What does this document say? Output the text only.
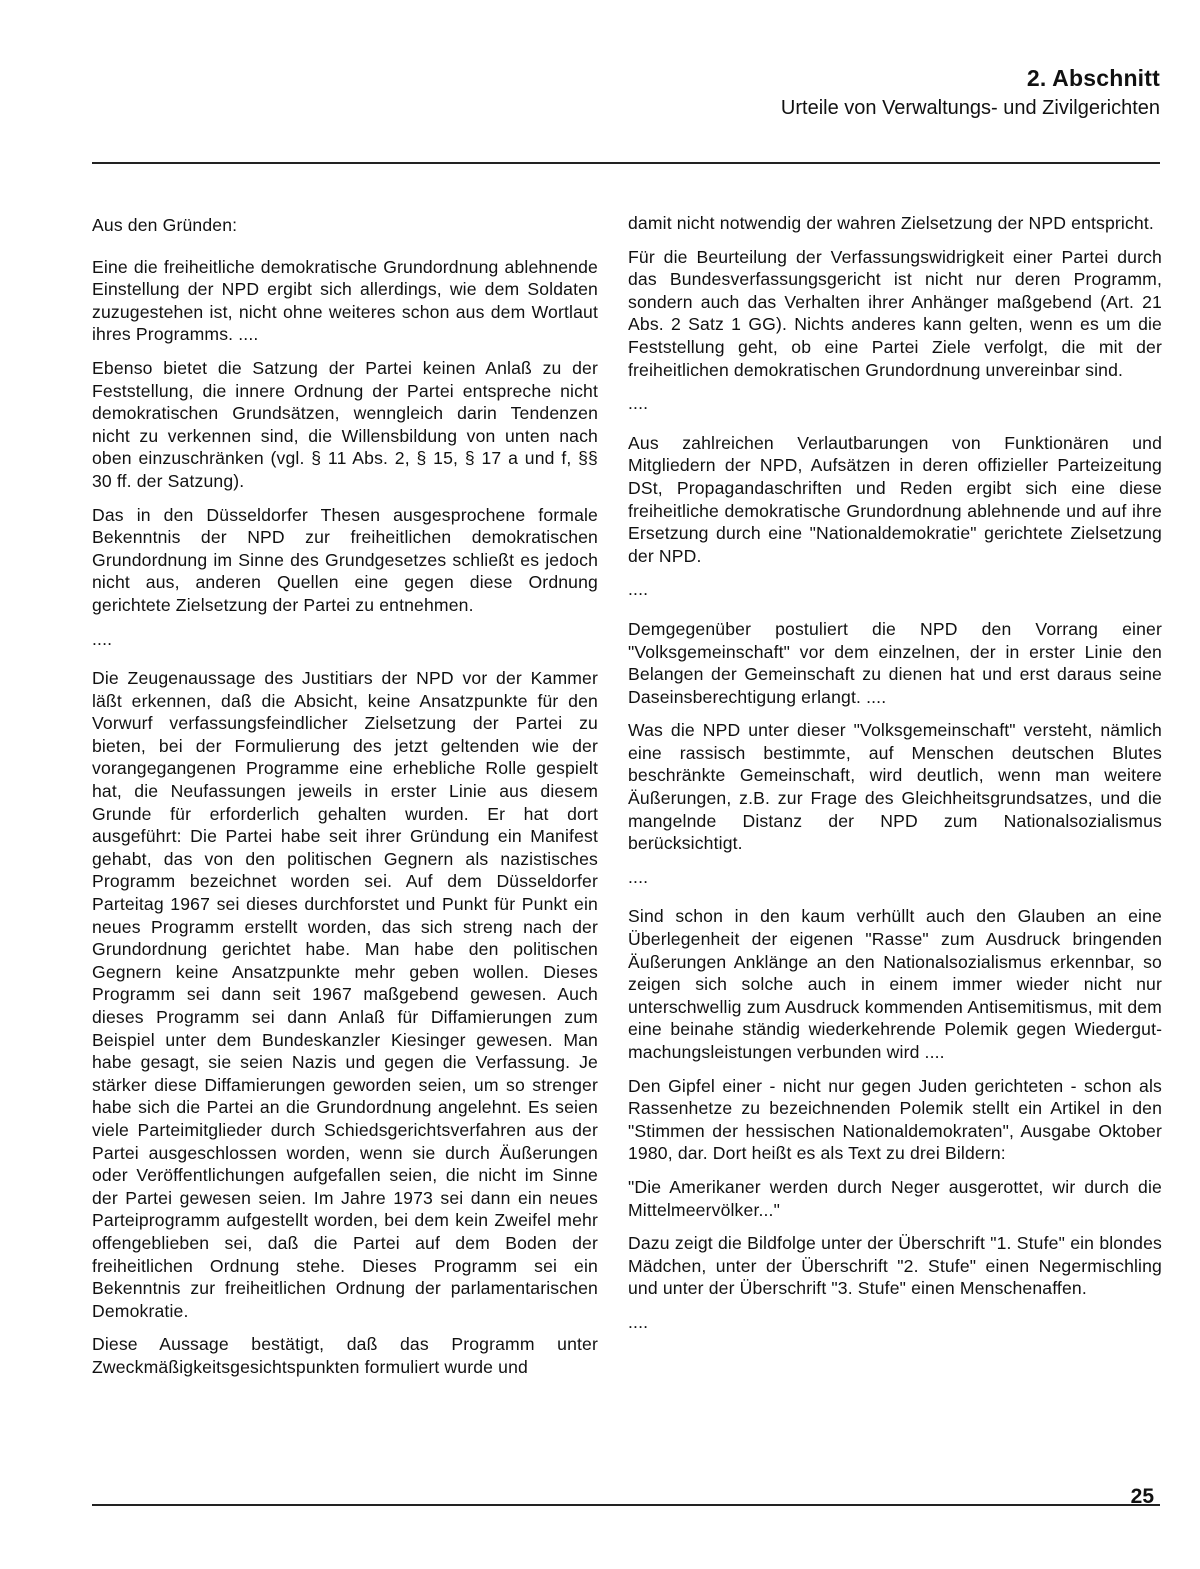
2. Abschnitt
Urteile von Verwaltungs- und Zivilgerichten

Aus den Gründen:

Eine die freiheitliche demokratische Grundordnung ablehnende Einstellung der NPD ergibt sich allerdings, wie dem Soldaten zuzugestehen ist, nicht ohne weiteres schon aus dem Wortlaut ihres Programms. ....

Ebenso bietet die Satzung der Partei keinen Anlaß zu der Feststellung, die innere Ordnung der Partei entspreche nicht demokratischen Grundsätzen, wenngleich darin Tendenzen nicht zu verkennen sind, die Willensbildung von unten nach oben einzuschränken (vgl. § 11 Abs. 2, § 15, § 17 a und f, §§ 30 ff. der Satzung).

Das in den Düsseldorfer Thesen ausgesprochene formale Bekenntnis der NPD zur freiheitlichen demokratischen Grundordnung im Sinne des Grundgesetzes schließt es jedoch nicht aus, anderen Quellen eine gegen diese Ordnung gerichtete Zielsetzung der Partei zu entnehmen.

....

Die Zeugenaussage des Justitiars der NPD vor der Kammer läßt erkennen, daß die Absicht, keine Ansatzpunkte für den Vorwurf verfassungsfeindlicher Zielsetzung der Partei zu bieten, bei der Formulierung des jetzt geltenden wie der vorangegangenen Programme eine erhebliche Rolle gespielt hat, die Neufassungen jeweils in erster Linie aus diesem Grunde für erforderlich gehalten wurden. Er hat dort ausgeführt: Die Partei habe seit ihrer Gründung ein Manifest gehabt, das von den politischen Gegnern als nazistisches Programm bezeichnet worden sei. Auf dem Düsseldorfer Parteitag 1967 sei dieses durchforstet und Punkt für Punkt ein neues Programm erstellt worden, das sich streng nach der Grundordnung gerichtet habe. Man habe den politischen Gegnern keine Ansatzpunkte mehr geben wollen. Dieses Programm sei dann seit 1967 maßgebend gewesen. Auch dieses Programm sei dann Anlaß für Diffamierungen zum Beispiel unter dem Bundeskanzler Kiesinger gewesen. Man habe gesagt, sie seien Nazis und gegen die Verfassung. Je stärker diese Diffamierungen geworden seien, um so strenger habe sich die Partei an die Grundordnung angelehnt. Es seien viele Parteimitglieder durch Schiedsgerichtsverfahren aus der Partei ausgeschlossen worden, wenn sie durch Äußerungen oder Veröffentlichungen aufgefallen seien, die nicht im Sinne der Partei gewesen seien. Im Jahre 1973 sei dann ein neues Parteiprogramm aufgestellt worden, bei dem kein Zweifel mehr offengeblieben sei, daß die Partei auf dem Boden der freiheitlichen Ordnung stehe. Dieses Programm sei ein Bekenntnis zur freiheitlichen Ordnung der parlamentarischen Demokratie.

Diese Aussage bestätigt, daß das Programm unter Zweckmäßigkeitsgesichtspunkten formuliert wurde und

damit nicht notwendig der wahren Zielsetzung der NPD entspricht.

Für die Beurteilung der Verfassungswidrigkeit einer Partei durch das Bundesverfassungsgericht ist nicht nur deren Programm, sondern auch das Verhalten ihrer Anhänger maßgebend (Art. 21 Abs. 2 Satz 1 GG). Nichts anderes kann gelten, wenn es um die Feststellung geht, ob eine Partei Ziele verfolgt, die mit der freiheitlichen demokratischen Grundordnung unvereinbar sind.

....

Aus zahlreichen Verlautbarungen von Funktionären und Mitgliedern der NPD, Aufsätzen in deren offizieller Parteizeitung DSt, Propagandaschriften und Reden ergibt sich eine diese freiheitliche demokratische Grundordnung ablehnende und auf ihre Ersetzung durch eine "Nationaldemokratie" gerichtete Zielsetzung der NPD.

....

Demgegenüber postuliert die NPD den Vorrang einer "Volksgemeinschaft" vor dem einzelnen, der in erster Linie den Belangen der Gemeinschaft zu dienen hat und erst daraus seine Daseinsberechtigung erlangt. ....

Was die NPD unter dieser "Volksgemeinschaft" versteht, nämlich eine rassisch bestimmte, auf Menschen deutschen Blutes beschränkte Gemeinschaft, wird deutlich, wenn man weitere Äußerungen, z.B. zur Frage des Gleichheitsgrundsatzes, und die mangelnde Distanz der NPD zum Nationalsozialismus berücksichtigt.

....

Sind schon in den kaum verhüllt auch den Glauben an eine Überlegenheit der eigenen "Rasse" zum Ausdruck bringenden Äußerungen Anklänge an den Nationalsozialismus erkennbar, so zeigen sich solche auch in einem immer wieder nicht nur unterschwellig zum Ausdruck kommenden Antisemitismus, mit dem eine beinahe ständig wiederkehrende Polemik gegen Wiedergutmachungsleistungen verbunden wird ....

Den Gipfel einer - nicht nur gegen Juden gerichteten - schon als Rassenhetze zu bezeichnenden Polemik stellt ein Artikel in den "Stimmen der hessischen Nationaldemokraten", Ausgabe Oktober 1980, dar. Dort heißt es als Text zu drei Bildern:

"Die Amerikaner werden durch Neger ausgerottet, wir durch die Mittelmeervölker..."

Dazu zeigt die Bildfolge unter der Überschrift "1. Stufe" ein blondes Mädchen, unter der Überschrift "2. Stufe" einen Negermischling und unter der Überschrift "3. Stufe" einen Menschenaffen.

....

25
